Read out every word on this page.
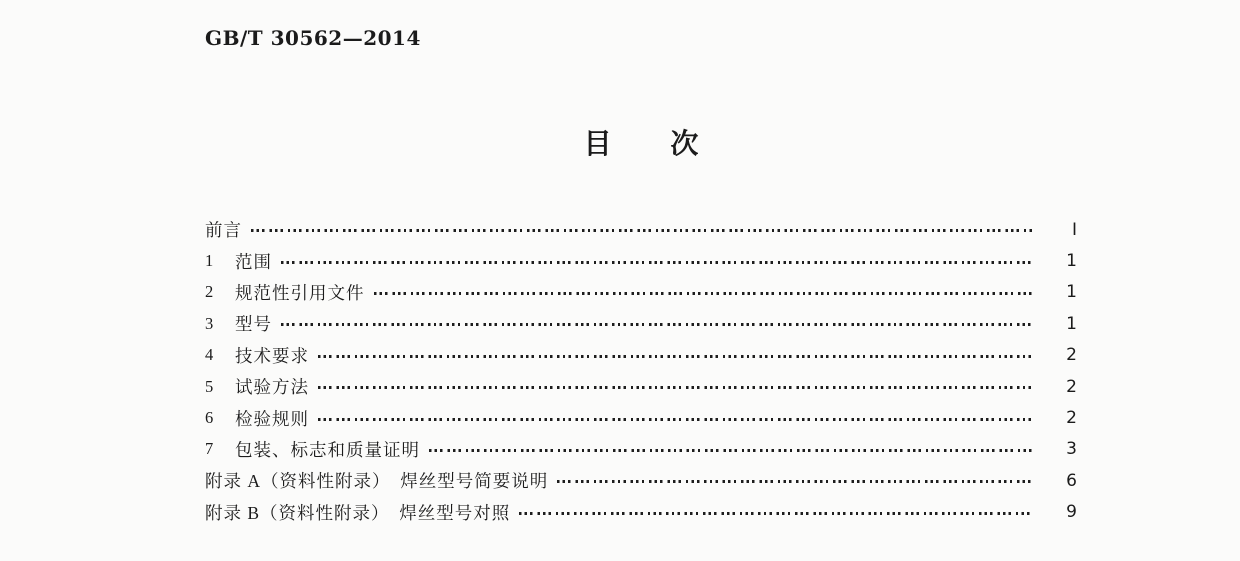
GB/T 30562—2014
目次
前言	Ⅰ
1	范围	1
2	规范性引用文件	1
3	型号	1
4	技术要求	2
5	试验方法	2
6	检验规则	2
7	包装、标志和质量证明	3
附录 A（资料性附录）　焊丝型号简要说明	6
附录 B（资料性附录）　焊丝型号对照	9
